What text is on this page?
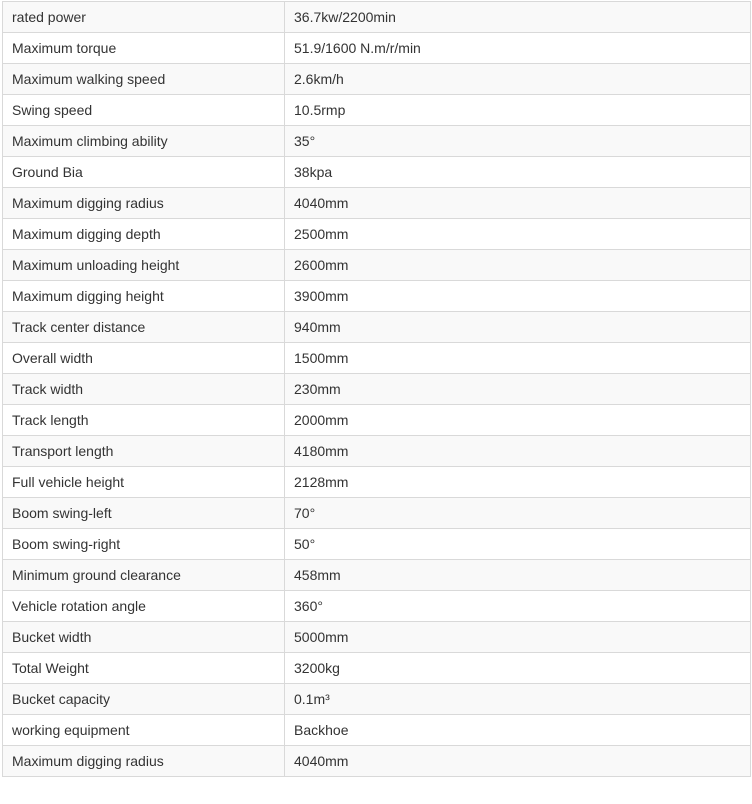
rated power	36.7kw/2200min
Maximum torque	51.9/1600 N.m/r/min
Maximum walking speed	2.6km/h
Swing speed	10.5rmp
Maximum climbing ability	35°
Ground Bia	38kpa
Maximum digging radius	4040mm
Maximum digging depth	2500mm
Maximum unloading height	2600mm
Maximum digging height	3900mm
Track center distance	940mm
Overall width	1500mm
Track width	230mm
Track length	2000mm
Transport length	4180mm
Full vehicle height	2128mm
Boom swing-left	70°
Boom swing-right	50°
Minimum ground clearance	458mm
Vehicle rotation angle	360°
Bucket width	5000mm
Total Weight	3200kg
Bucket capacity	0.1m³
working equipment	Backhoe
Maximum digging radius	4040mm
